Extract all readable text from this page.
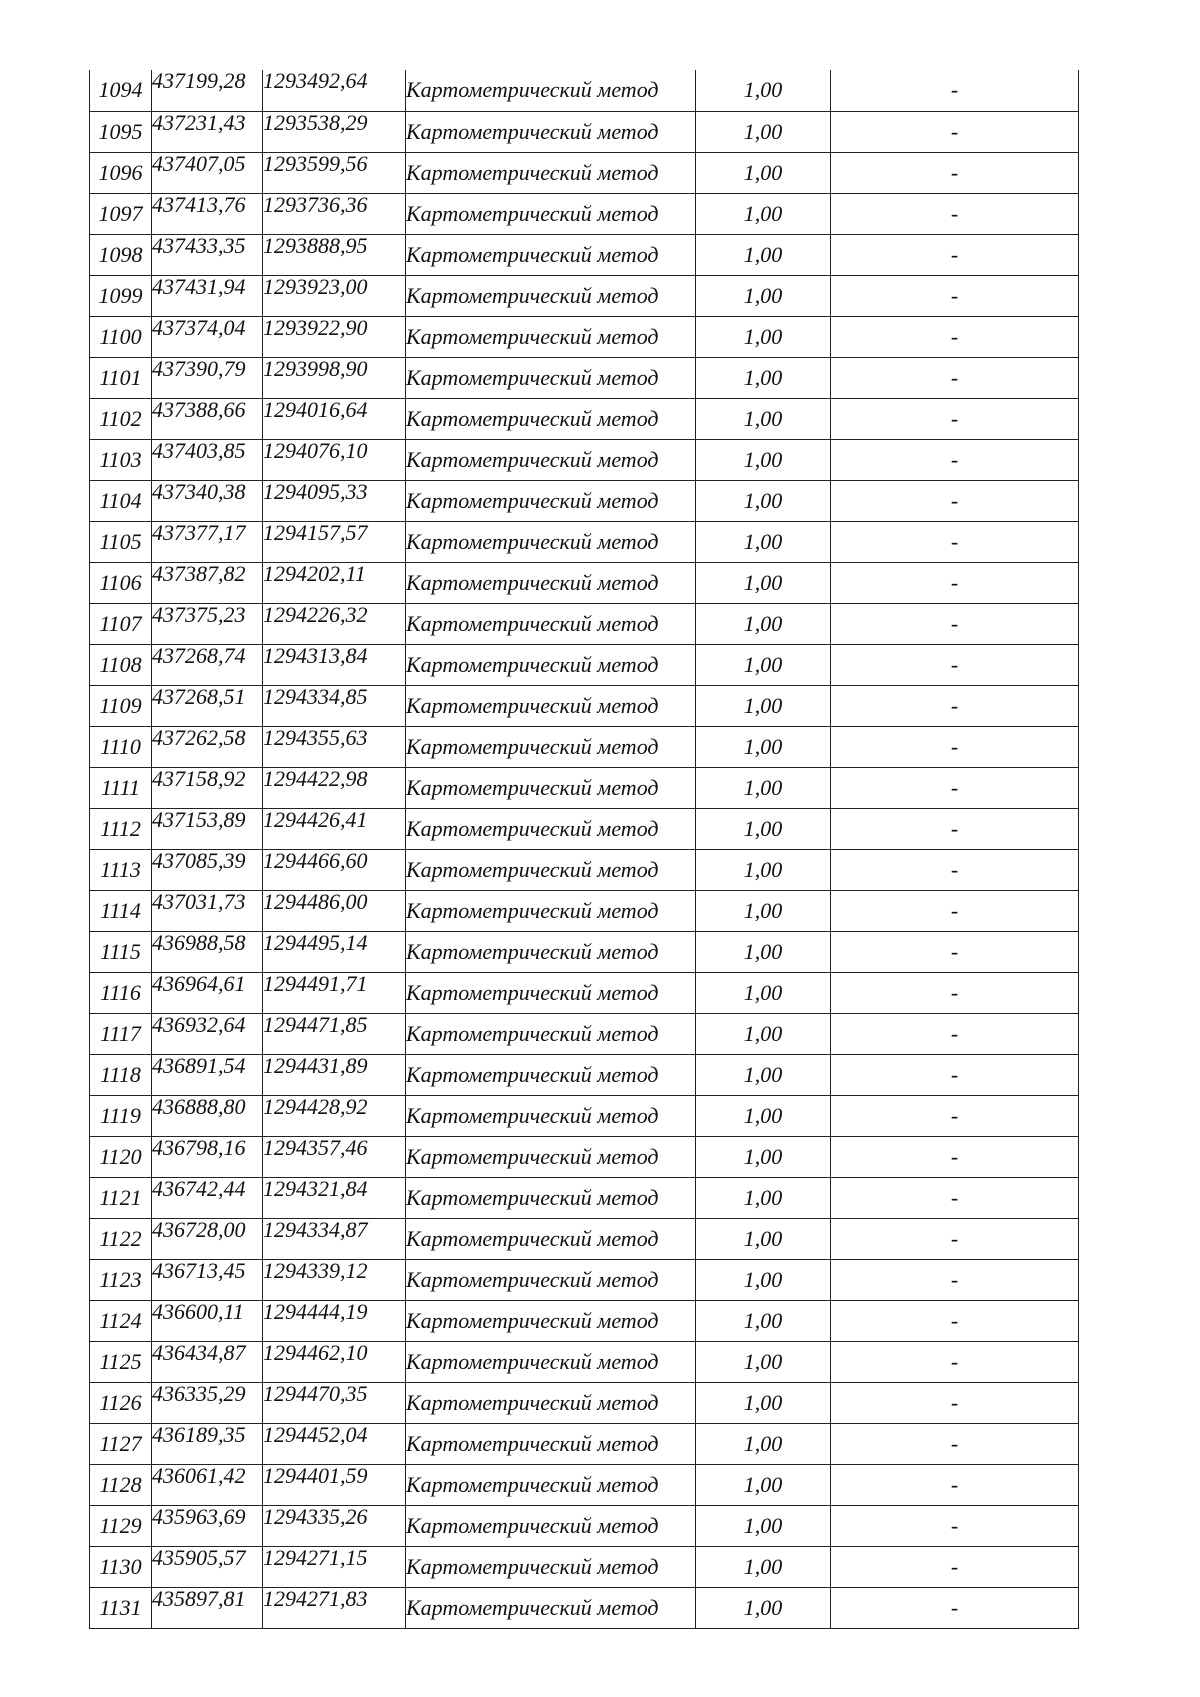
1094	437199,28	1293492,64	Картометрический метод	1,00	-
1095	437231,43	1293538,29	Картометрический метод	1,00	-
1096	437407,05	1293599,56	Картометрический метод	1,00	-
1097	437413,76	1293736,36	Картометрический метод	1,00	-
1098	437433,35	1293888,95	Картометрический метод	1,00	-
1099	437431,94	1293923,00	Картометрический метод	1,00	-
1100	437374,04	1293922,90	Картометрический метод	1,00	-
1101	437390,79	1293998,90	Картометрический метод	1,00	-
1102	437388,66	1294016,64	Картометрический метод	1,00	-
1103	437403,85	1294076,10	Картометрический метод	1,00	-
1104	437340,38	1294095,33	Картометрический метод	1,00	-
1105	437377,17	1294157,57	Картометрический метод	1,00	-
1106	437387,82	1294202,11	Картометрический метод	1,00	-
1107	437375,23	1294226,32	Картометрический метод	1,00	-
1108	437268,74	1294313,84	Картометрический метод	1,00	-
1109	437268,51	1294334,85	Картометрический метод	1,00	-
1110	437262,58	1294355,63	Картометрический метод	1,00	-
1111	437158,92	1294422,98	Картометрический метод	1,00	-
1112	437153,89	1294426,41	Картометрический метод	1,00	-
1113	437085,39	1294466,60	Картометрический метод	1,00	-
1114	437031,73	1294486,00	Картометрический метод	1,00	-
1115	436988,58	1294495,14	Картометрический метод	1,00	-
1116	436964,61	1294491,71	Картометрический метод	1,00	-
1117	436932,64	1294471,85	Картометрический метод	1,00	-
1118	436891,54	1294431,89	Картометрический метод	1,00	-
1119	436888,80	1294428,92	Картометрический метод	1,00	-
1120	436798,16	1294357,46	Картометрический метод	1,00	-
1121	436742,44	1294321,84	Картометрический метод	1,00	-
1122	436728,00	1294334,87	Картометрический метод	1,00	-
1123	436713,45	1294339,12	Картометрический метод	1,00	-
1124	436600,11	1294444,19	Картометрический метод	1,00	-
1125	436434,87	1294462,10	Картометрический метод	1,00	-
1126	436335,29	1294470,35	Картометрический метод	1,00	-
1127	436189,35	1294452,04	Картометрический метод	1,00	-
1128	436061,42	1294401,59	Картометрический метод	1,00	-
1129	435963,69	1294335,26	Картометрический метод	1,00	-
1130	435905,57	1294271,15	Картометрический метод	1,00	-
1131	435897,81	1294271,83	Картометрический метод	1,00	-
